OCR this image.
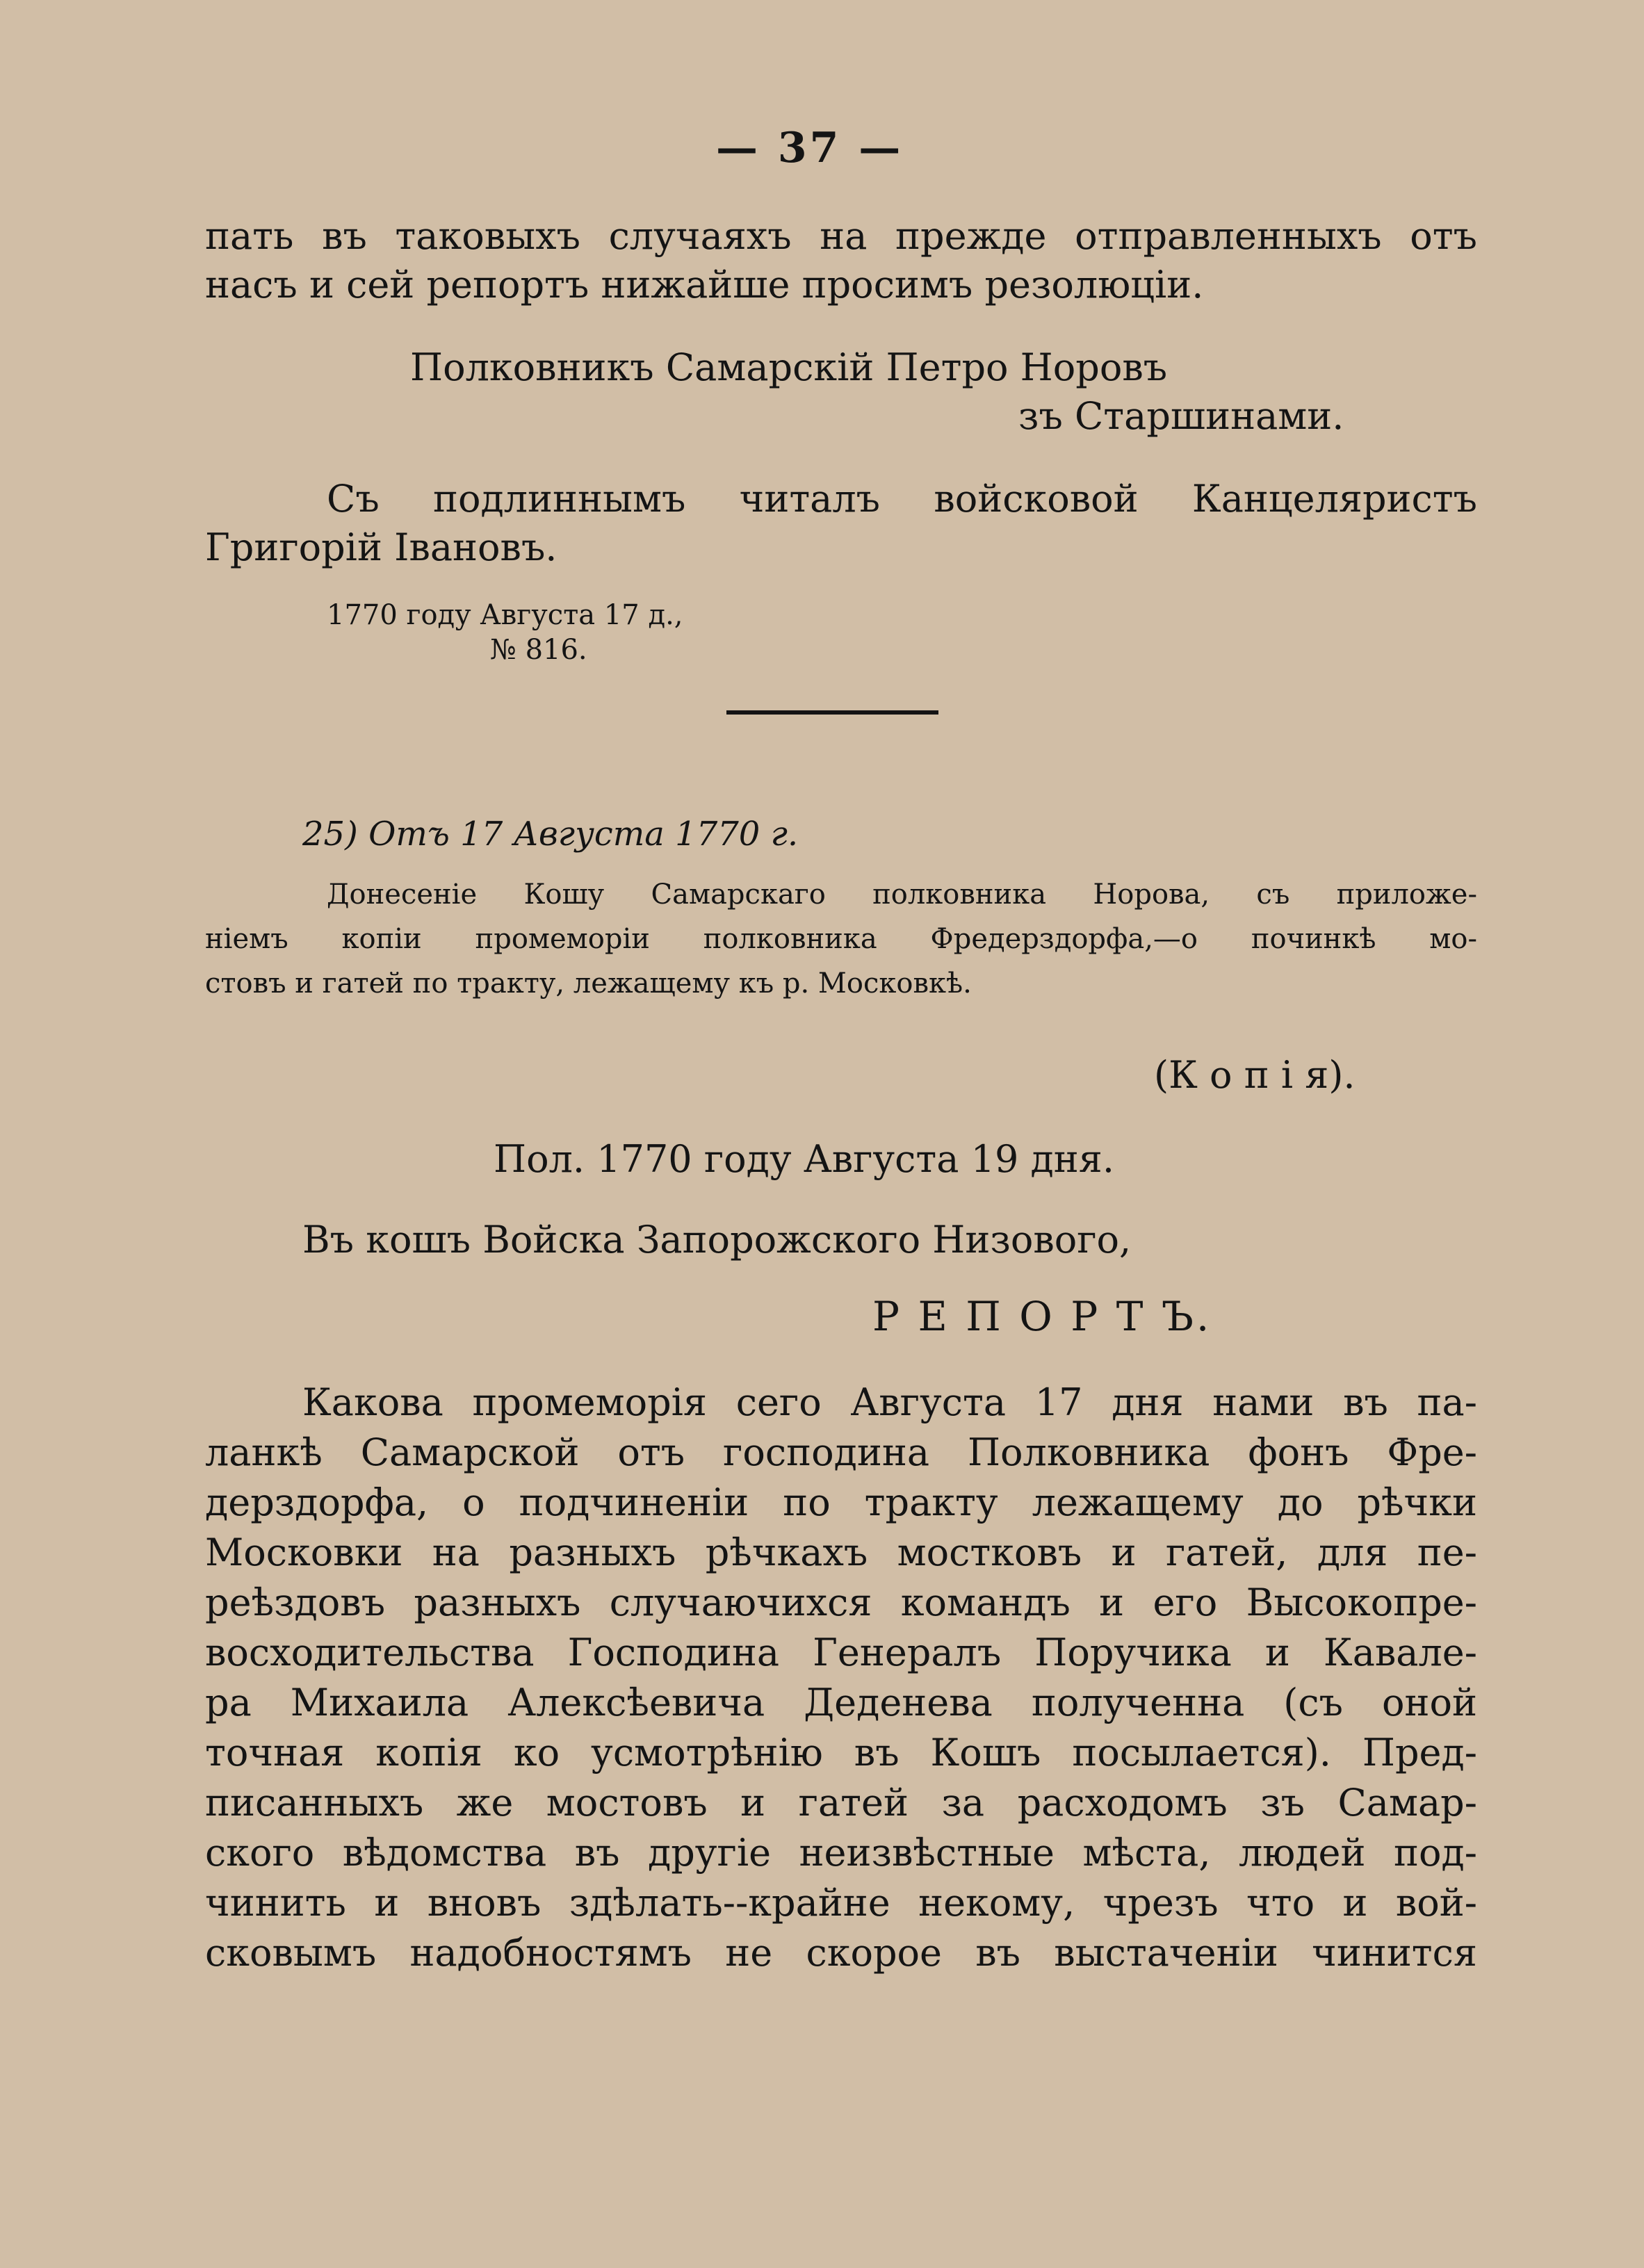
— 37 —
пать въ таковыхъ случаяхъ на прежде отправленныхъ отъ
насъ и сей репортъ нижайше просимъ резолюціи.
Полковникъ Самарскій Петро Норовъ
зъ Старшинами.
Съ подлиннымъ читалъ войсковой Канцеляристъ
Григорій Івановъ.
1770 году Августа 17 д.,
№ 816.
25) Отъ 17 Августа 1770 г.
Донесеніе Кошу Самарскаго полковника Норова, съ приложе-
ніемъ копіи промеморіи полковника Фредерздорфа,—о починкѣ мо-
стовъ и гатей по тракту, лежащему къ р. Московкѣ.
(К о п і я).
Пол. 1770 году Августа 19 дня.
Въ кошъ Войска Запорожского Низового,
Р Е П О Р Т Ъ.
Какова промеморія сего Августа 17 дня нами въ па-
ланкѣ Самарской отъ господина Полковника фонъ Фре-
дерздорфа, о подчиненіи по тракту лежащему до рѣчки
Московки на разныхъ рѣчкахъ мостковъ и гатей, для пе-
реѣздовъ разныхъ случаючихся командъ и его Высокопре-
восходительства Господина Генералъ Поручика и Кавале-
ра Михаила Алексѣевича Деденева полученна (съ оной
точная копія ко усмотрѣнію въ Кошъ посылается). Пред-
писанныхъ же мостовъ и гатей за расходомъ зъ Самар-
ского вѣдомства въ другіе неизвѣстные мѣста, людей под-
чинить и вновъ здѣлать--крайне некому, чрезъ что и вой-
сковымъ надобностямъ не скорое въ выстаченіи чинится
